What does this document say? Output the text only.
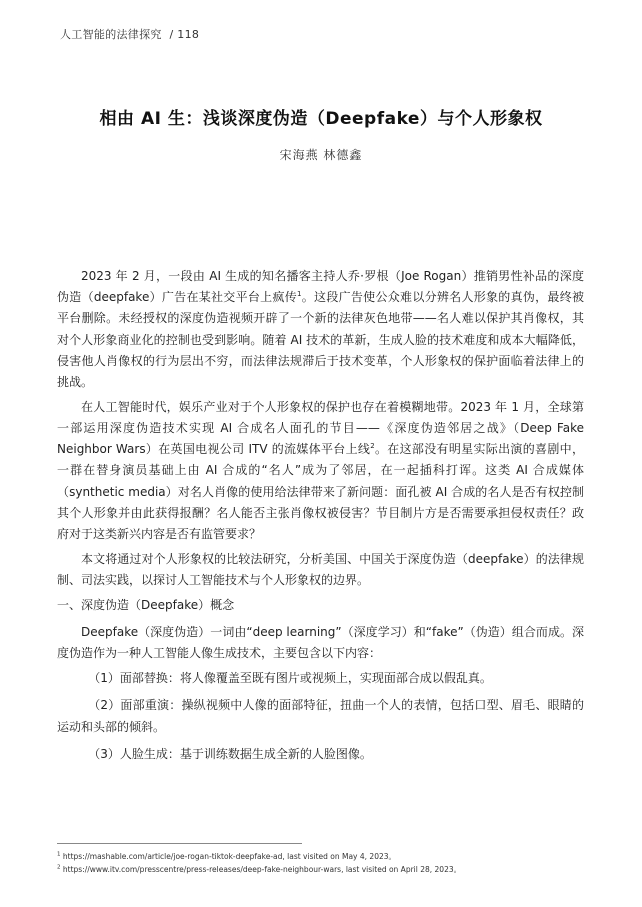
人工智能的法律探究 / 118
相由 AI 生：浅谈深度伪造（Deepfake）与个人形象权
宋海燕 林德鑫

2023 年 2 月，一段由 AI 生成的知名播客主持人乔·罗根（Joe Rogan）推销男性补品的深度伪造（deepfake）广告在某社交平台上疯传$^1$。这段广告使公众难以分辨名人形象的真伪，最终被平台删除。未经授权的深度伪造视频开辟了一个新的法律灰色地带——名人难以保护其肖像权，其对个人形象商业化的控制也受到影响。随着 AI 技术的革新，生成人脸的技术难度和成本大幅降低，侵害他人肖像权的行为层出不穷，而法律法规滞后于技术变革，个人形象权的保护面临着法律上的挑战。

在人工智能时代，娱乐产业对于个人形象权的保护也存在着模糊地带。2023 年 1 月，全球第一部运用深度伪造技术实现 AI 合成名人面孔的节目——《深度伪造邻居之战》（Deep Fake Neighbor Wars）在英国电视公司 ITV 的流媒体平台上线$^2$。在这部没有明星实际出演的喜剧中，一群在替身演员基础上由 AI 合成的“名人”成为了邻居，在一起插科打诨。这类 AI 合成媒体（synthetic media）对名人肖像的使用给法律带来了新问题：面孔被 AI 合成的名人是否有权控制其个人形象并由此获得报酬？名人能否主张肖像权被侵害？节目制片方是否需要承担侵权责任？政府对于这类新兴内容是否有监管要求？

本文将通过对个人形象权的比较法研究，分析美国、中国关于深度伪造（deepfake）的法律规制、司法实践，以探讨人工智能技术与个人形象权的边界。

一、深度伪造（Deepfake）概念

Deepfake（深度伪造）一词由“deep learning”（深度学习）和“fake”（伪造）组合而成。深度伪造作为一种人工智能人像生成技术，主要包含以下内容：

（1）面部替换：将人像覆盖至既有图片或视频上，实现面部合成以假乱真。

（2）面部重演：操纵视频中人像的面部特征，扭曲一个人的表情，包括口型、眉毛、眼睛的运动和头部的倾斜。

（3）人脸生成：基于训练数据生成全新的人脸图像。

$^1$ https://mashable.com/article/joe-rogan-tiktok-deepfake-ad, last visited on May 4, 2023。
$^2$ https://www.itv.com/presscentre/press-releases/deep-fake-neighbour-wars, last visited on April 28, 2023。
